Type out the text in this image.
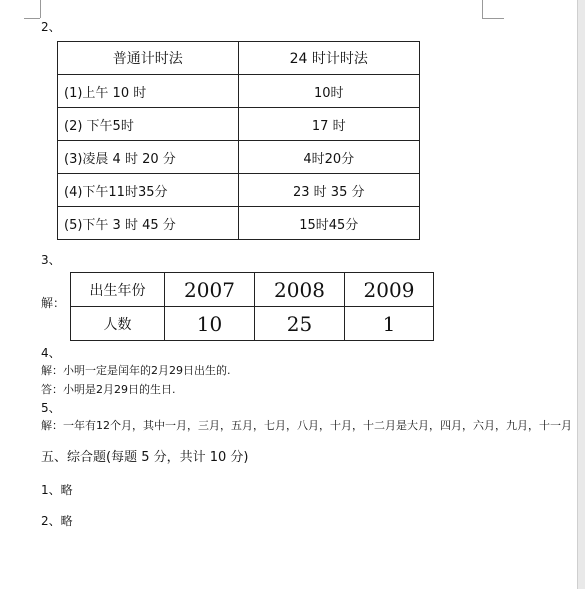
2、
普通计时法	24 时计时法
(1)上午 10 时	10时
(2) 下午5时	17 时
(3)凌晨 4 时 20 分	4时20分
(4)下午11时35分	23 时 35 分
(5)下午 3 时 45 分	15时45分
3、
解：
出生年份	2007	2008	2009
人数	10	25	1
4、
解：小明一定是闰年的2月29日出生的.
答：小明是2月29日的生日.
5、
解：一年有12个月，其中一月，三月，五月，七月，八月，十月，十二月是大月，四月，六月，九月，十一月
五、综合题(每题 5 分，共计 10 分)
1、略
2、略
